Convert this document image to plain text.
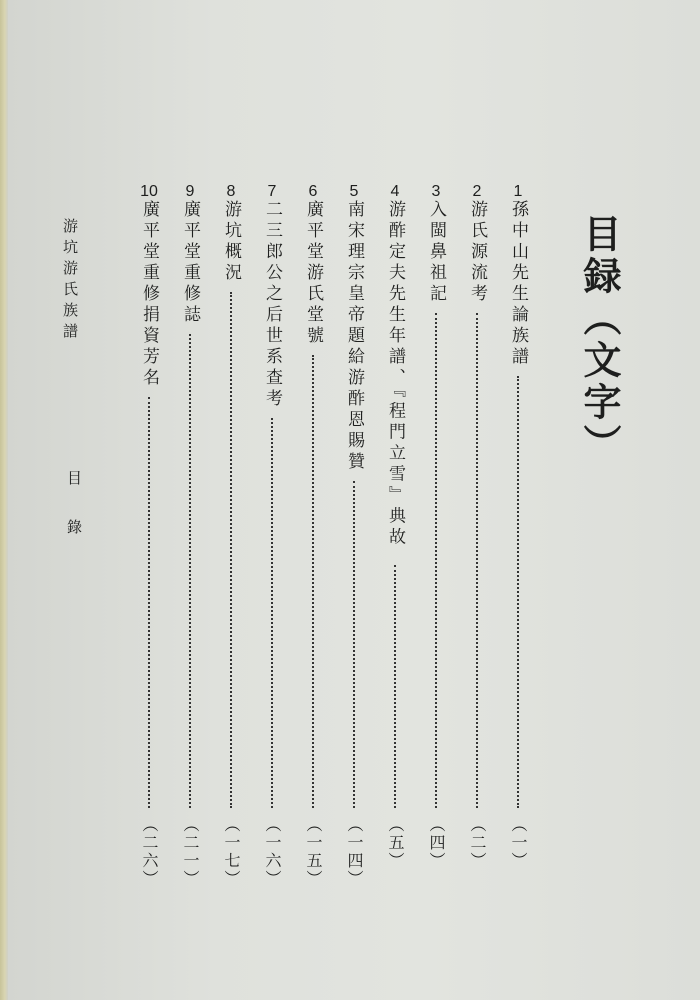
目録（文字）
1
孫中山先生論族譜
（一）
2
游氏源流考
（二）
3
入閩鼻祖記
（四）
4
游酢定夫先生年譜、『程門立雪』典故
（五）
5
南宋理宗皇帝題給游酢恩賜贊
（一四）
6
廣平堂游氏堂號
（一五）
7
二三郎公之后世系查考
（一六）
8
游坑概況
（一七）
9
廣平堂重修誌
（二一）
10
廣平堂重修捐資芳名
（二六）
游坑游氏族譜
目錄
